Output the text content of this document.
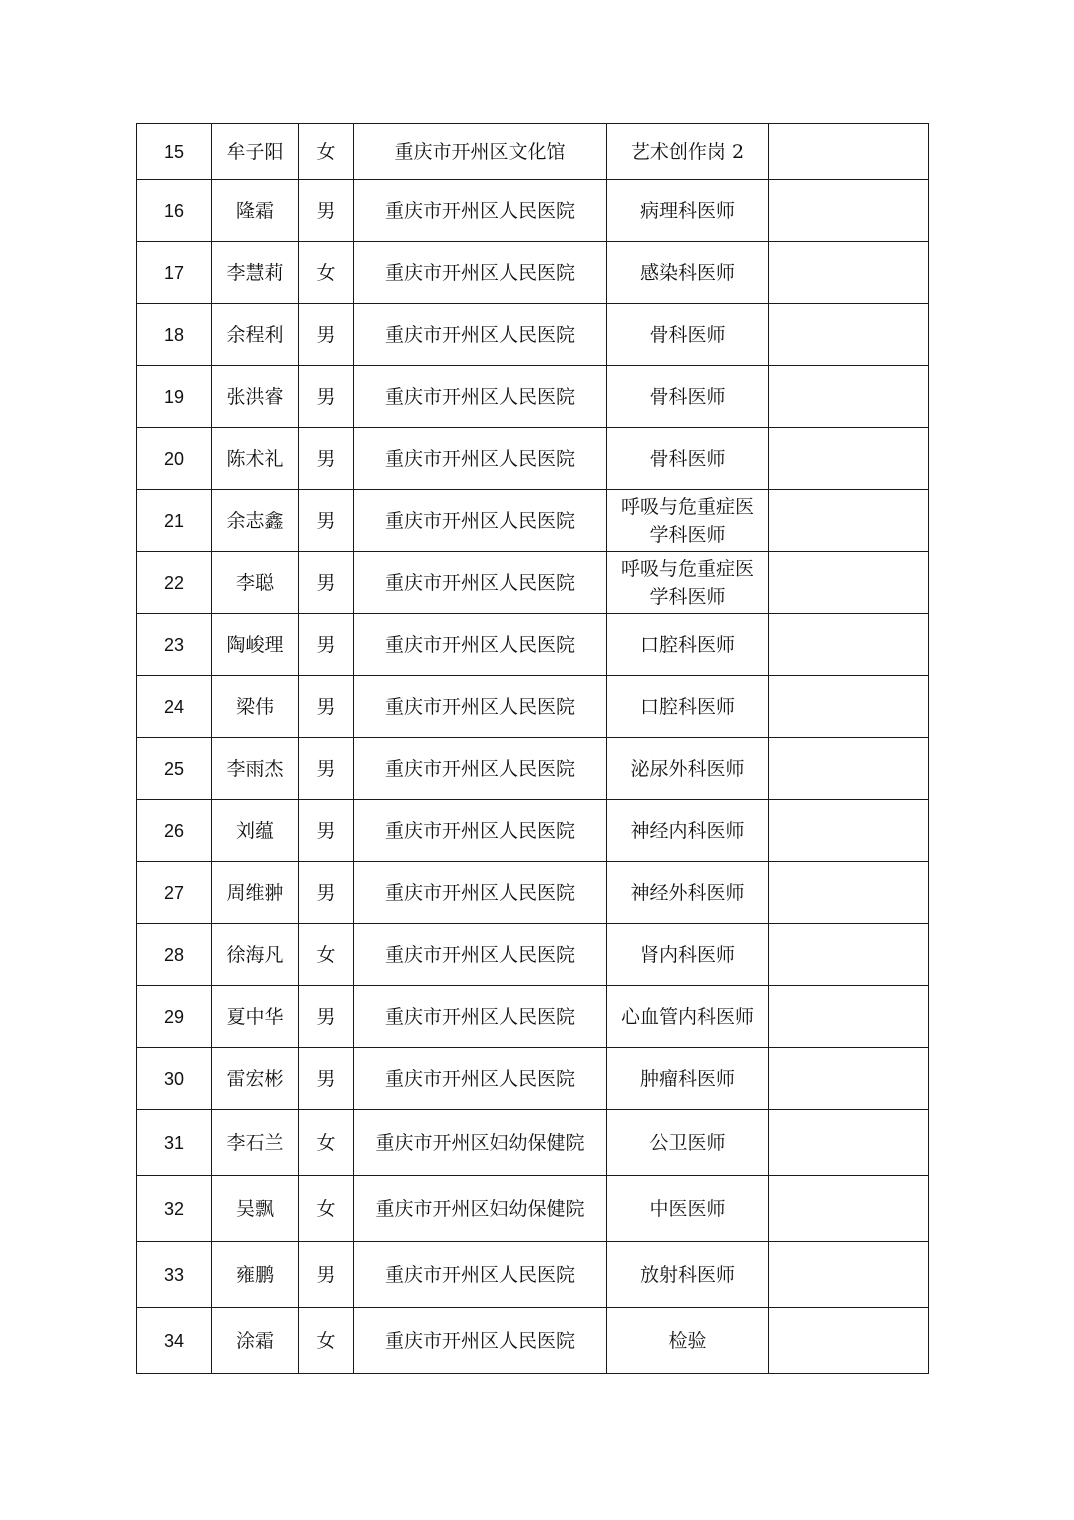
15	牟子阳	女	重庆市开州区文化馆	艺术创作岗 2	
16	隆霜	男	重庆市开州区人民医院	病理科医师	
17	李慧莉	女	重庆市开州区人民医院	感染科医师	
18	余程利	男	重庆市开州区人民医院	骨科医师	
19	张洪睿	男	重庆市开州区人民医院	骨科医师	
20	陈术礼	男	重庆市开州区人民医院	骨科医师	
21	余志鑫	男	重庆市开州区人民医院	呼吸与危重症医学科医师	
22	李聪	男	重庆市开州区人民医院	呼吸与危重症医学科医师	
23	陶峻理	男	重庆市开州区人民医院	口腔科医师	
24	梁伟	男	重庆市开州区人民医院	口腔科医师	
25	李雨杰	男	重庆市开州区人民医院	泌尿外科医师	
26	刘蕴	男	重庆市开州区人民医院	神经内科医师	
27	周维翀	男	重庆市开州区人民医院	神经外科医师	
28	徐海凡	女	重庆市开州区人民医院	肾内科医师	
29	夏中华	男	重庆市开州区人民医院	心血管内科医师	
30	雷宏彬	男	重庆市开州区人民医院	肿瘤科医师	
31	李石兰	女	重庆市开州区妇幼保健院	公卫医师	
32	吴飘	女	重庆市开州区妇幼保健院	中医医师	
33	雍鹏	男	重庆市开州区人民医院	放射科医师	
34	涂霜	女	重庆市开州区人民医院	检验	
